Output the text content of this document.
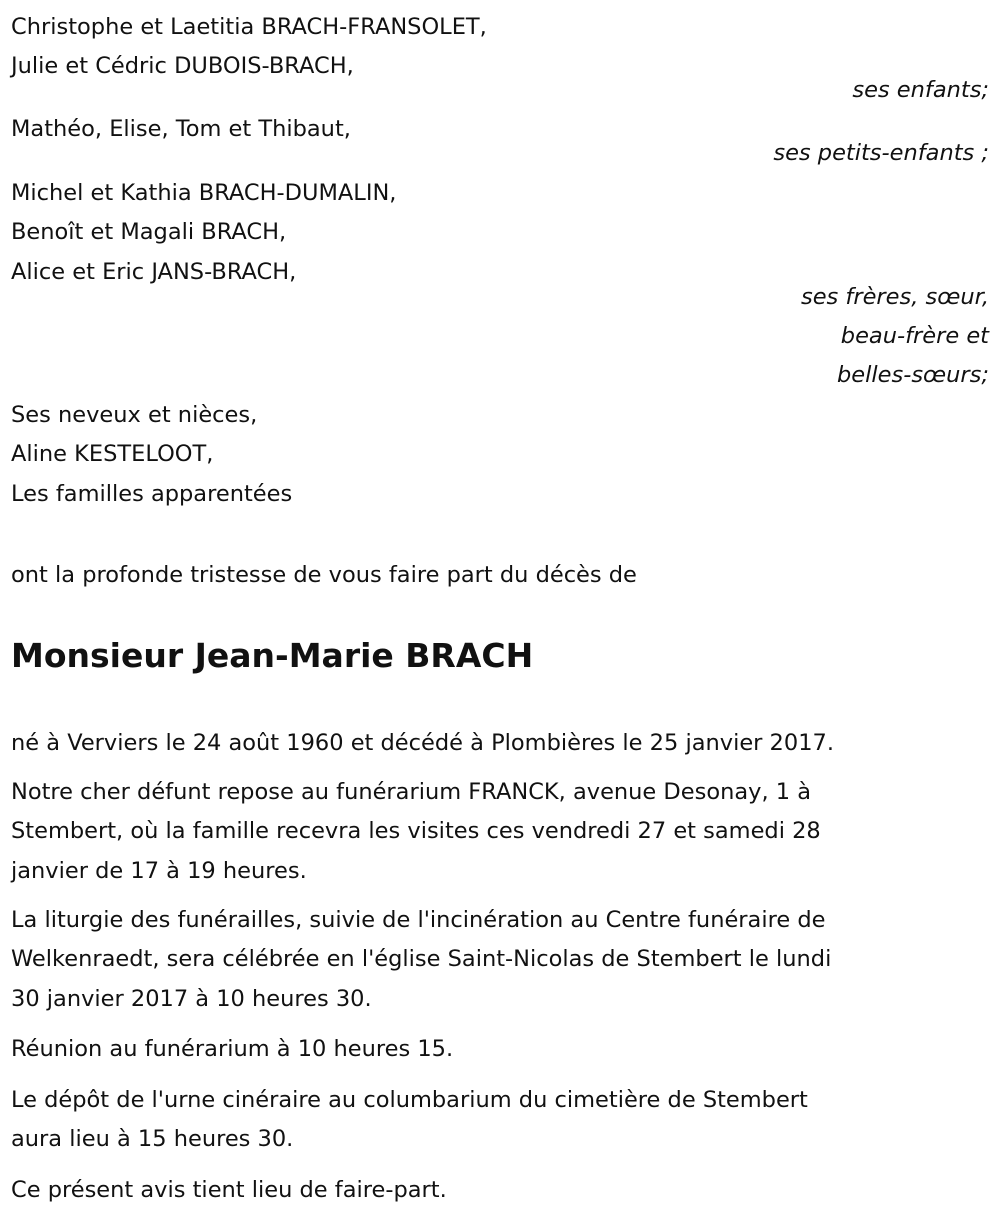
Christophe et Laetitia BRACH-FRANSOLET,
Julie et Cédric DUBOIS-BRACH,
ses enfants;
Mathéo, Elise, Tom et Thibaut,
ses petits-enfants ;
Michel et Kathia BRACH-DUMALIN,
Benoît et Magali BRACH,
Alice et Eric JANS-BRACH,
ses frères, sœur,
beau-frère et
belles-sœurs;
Ses neveux et nièces,
Aline KESTELOOT,
Les familles apparentées
ont la profonde tristesse de vous faire part du décès de
Monsieur Jean-Marie BRACH
né à Verviers le 24 août 1960 et décédé à Plombières le 25 janvier 2017.
Notre cher défunt repose au funérarium FRANCK, avenue Desonay, 1 à
Stembert, où la famille recevra les visites ces vendredi 27 et samedi 28
janvier de 17 à 19 heures.
La liturgie des funérailles, suivie de l'incinération au Centre funéraire de
Welkenraedt, sera célébrée en l'église Saint-Nicolas de Stembert le lundi
30 janvier 2017 à 10 heures 30.
Réunion au funérarium à 10 heures 15.
Le dépôt de l'urne cinéraire au columbarium du cimetière de Stembert
aura lieu à 15 heures 30.
Ce présent avis tient lieu de faire-part.
